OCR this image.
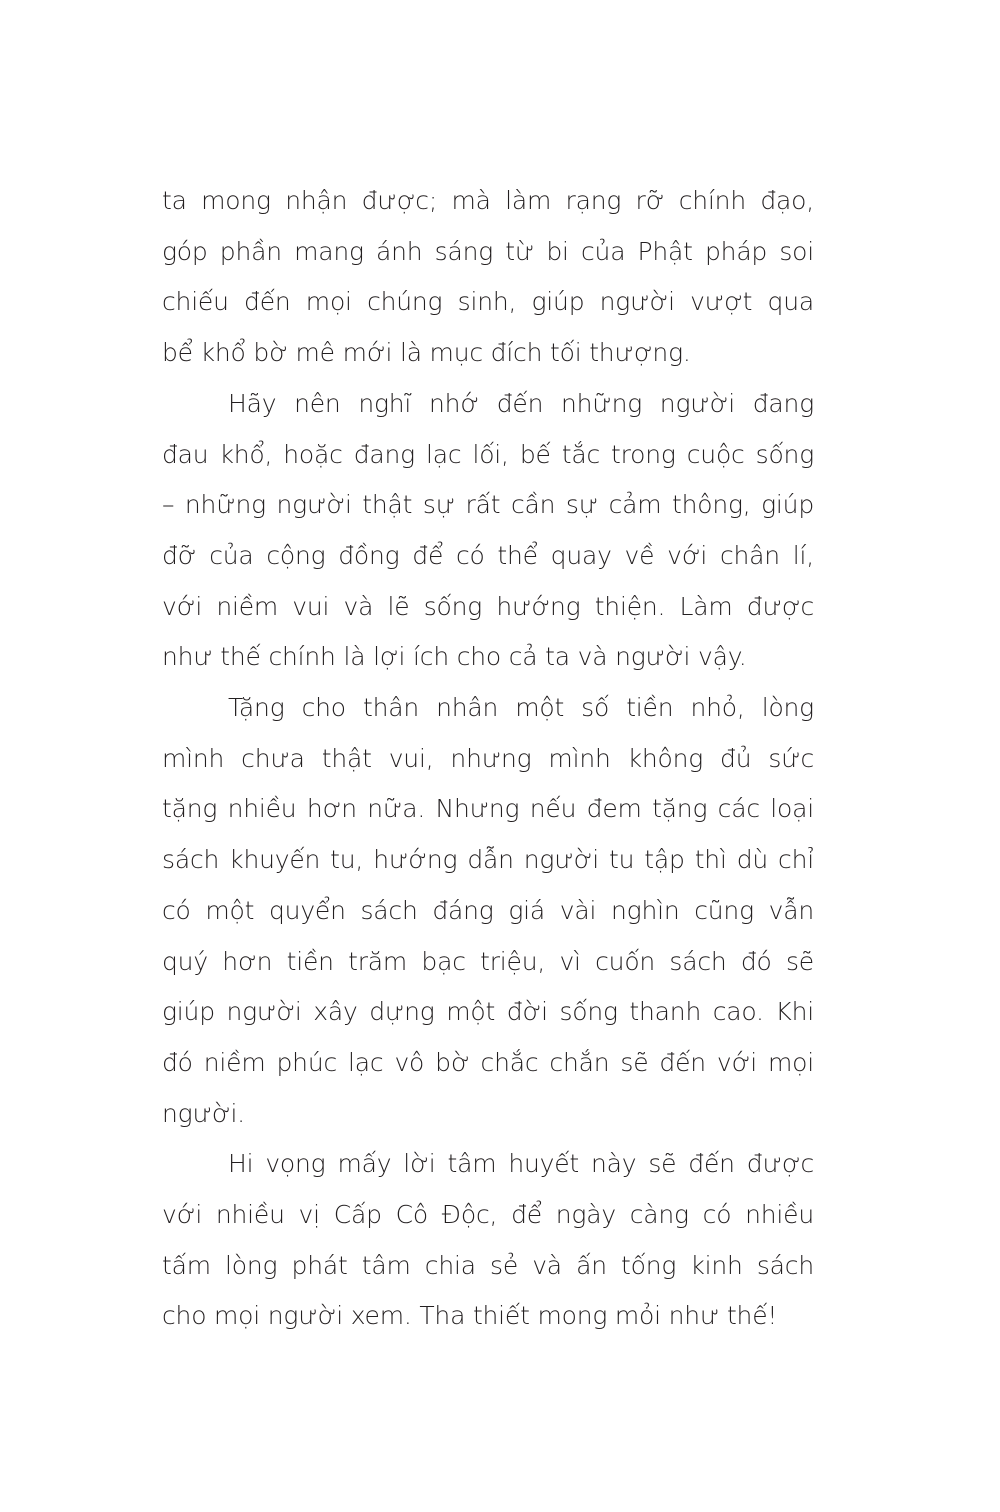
ta mong nhận được; mà làm rạng rỡ chính đạo,
góp phần mang ánh sáng từ bi của Phật pháp soi
chiếu đến mọi chúng sinh, giúp người vượt qua
bể khổ bờ mê mới là mục đích tối thượng.

Hãy nên nghĩ nhớ đến những người đang
đau khổ, hoặc đang lạc lối, bế tắc trong cuộc sống
– những người thật sự rất cần sự cảm thông, giúp
đỡ của cộng đồng để có thể quay về với chân lí,
với niềm vui và lẽ sống hướng thiện. Làm được
như thế chính là lợi ích cho cả ta và người vậy.

Tặng cho thân nhân một số tiền nhỏ, lòng
mình chưa thật vui, nhưng mình không đủ sức
tặng nhiều hơn nữa. Nhưng nếu đem tặng các loại
sách khuyến tu, hướng dẫn người tu tập thì dù chỉ
có một quyển sách đáng giá vài nghìn cũng vẫn
quý hơn tiền trăm bạc triệu, vì cuốn sách đó sẽ
giúp người xây dựng một đời sống thanh cao. Khi
đó niềm phúc lạc vô bờ chắc chắn sẽ đến với mọi
người.

Hi vọng mấy lời tâm huyết này sẽ đến được
với nhiều vị Cấp Cô Độc, để ngày càng có nhiều
tấm lòng phát tâm chia sẻ và ấn tống kinh sách
cho mọi người xem. Tha thiết mong mỏi như thế!
